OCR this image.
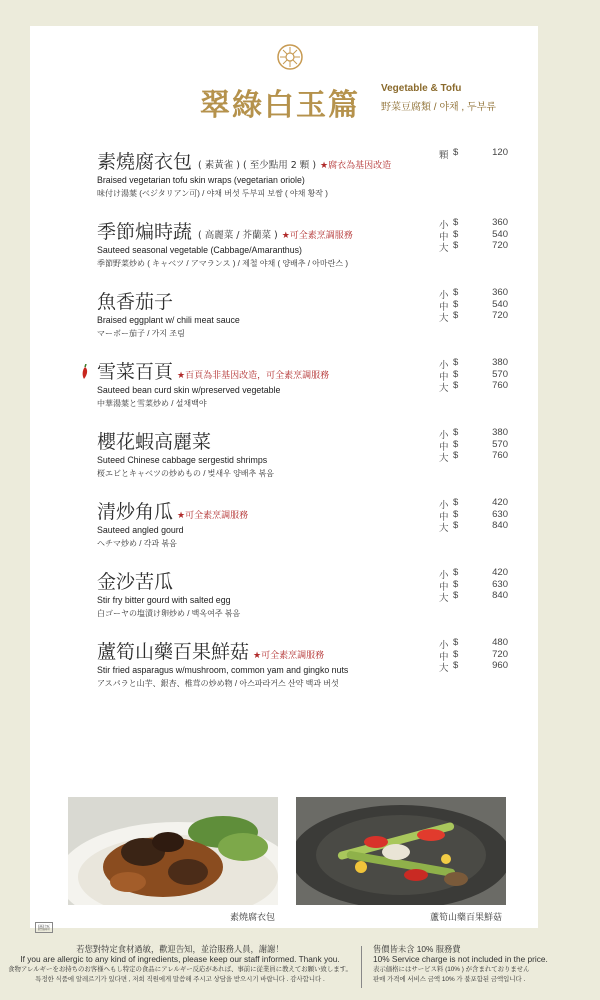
翠綠白玉篇 Vegetable & Tofu
野菜豆腐類 / 야채 , 두부류
素燒腐衣包 ( 素黃雀 ) ( 至少點用 2 顆 ) ★腐衣為基因改造
Braised vegetarian tofu skin wraps (vegetarian oriole)
味付け湯葉 (ベジタリアン可) / 야채 버섯 두부피 보쌈 ( 야채 황작 )
顆 $	120
季節煸時蔬 ( 高麗菜 / 芥蘭菜 ) ★可全素烹調服務
Sauteed seasonal vegetable (Cabbage/Amaranthus)
季節野菜炒め ( キャベツ / アマランス ) / 제철 야채 ( 양배추 / 아마란스 )
小 $	360
中 $	540
大 $	720
魚香茄子
Braised eggplant w/ chili meat sauce
マーボー茄子 / 가지 조림
小 $	360
中 $	540
大 $	720
雪菜百頁 ★百頁為非基因改造，可全素烹調服務
Sauteed bean curd skin w/preserved vegetable
中華湯葉と雪菜炒め / 설채백야
小 $	380
中 $	570
大 $	760
櫻花蝦高麗菜
Suteed Chinese cabbage sergestid shrimps
桜エビとキャベツの炒めもの / 벚새우 양배추 볶음
小 $	380
中 $	570
大 $	760
清炒角瓜 ★可全素烹調服務
Sauteed angled gourd
ヘチマ炒め / 각과 볶음
小 $	420
中 $	630
大 $	840
金沙苦瓜
Stir fry bitter gourd with salted egg
白ゴーヤの塩漬け卵炒め / 백옥여주 볶음
小 $	420
中 $	630
大 $	840
蘆筍山藥百果鮮菇 ★可全素烹調服務
Stir fried asparagus w/mushroom, common yam and gingko nuts
アスパラと山芋、銀杏、椎茸の炒め物 / 아스파라거스 산약 백과 버섯
小 $	480
中 $	720
大 $	960
素燒腐衣包	蘆筍山藥百果鮮菇
圖語
若您對特定食材過敏，歡迎告知，並洽服務人員，謝謝！
If you are allergic to any kind of ingredients, please keep our staff informed. Thank you.
食物アレルギーをお持ちのお客様へもし特定の食品にアレルギー反応があれば、事前に従業員に教えてお願い致します。
특정한 식품에 알레르기가 있다면 , 저희 직원에게 말씀해 주시고 상담을 받으시기 바랍니다 . 감사합니다 .
售價皆未含 10% 服務費
10% Service charge is not included in the price.
表示価格にはサービス料 (10% ) が含まれておりません
판매 가격에 서비스 금액 10% 가 불포함된 금액입니다 .
